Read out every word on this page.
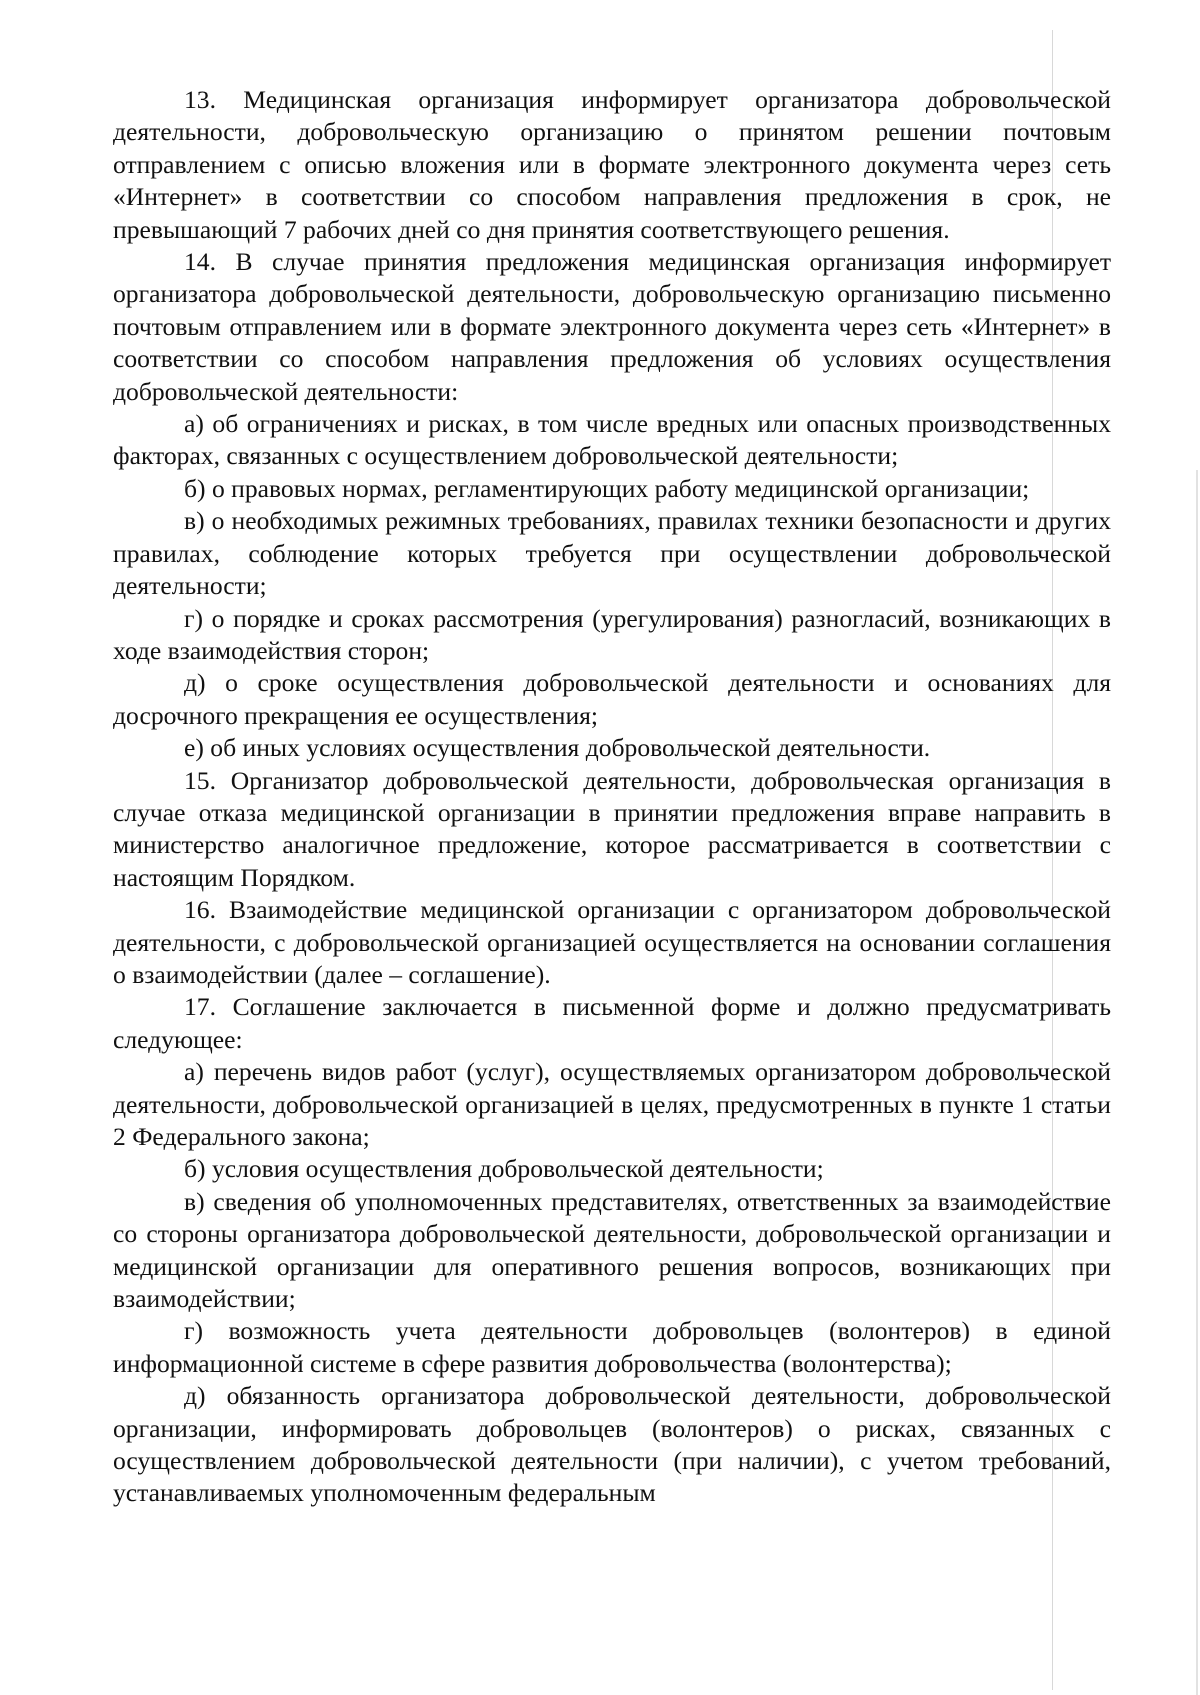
13. Медицинская организация информирует организатора добровольческой деятельности, добровольческую организацию о принятом решении почтовым отправлением с описью вложения или в формате электронного документа через сеть «Интернет» в соответствии со способом направления предложения в срок, не превышающий 7 рабочих дней со дня принятия соответствующего решения.

14. В случае принятия предложения медицинская организация информирует организатора добровольческой деятельности, добровольческую организацию письменно почтовым отправлением или в формате электронного документа через сеть «Интернет» в соответствии со способом направления предложения об условиях осуществления добровольческой деятельности:

а) об ограничениях и рисках, в том числе вредных или опасных производственных факторах, связанных с осуществлением добровольческой деятельности;

б) о правовых нормах, регламентирующих работу медицинской организации;

в) о необходимых режимных требованиях, правилах техники безопасности и других правилах, соблюдение которых требуется при осуществлении добровольческой деятельности;

г) о порядке и сроках рассмотрения (урегулирования) разногласий, возникающих в ходе взаимодействия сторон;

д) о сроке осуществления добровольческой деятельности и основаниях для досрочного прекращения ее осуществления;

е) об иных условиях осуществления добровольческой деятельности.

15. Организатор добровольческой деятельности, добровольческая организация в случае отказа медицинской организации в принятии предложения вправе направить в министерство аналогичное предложение, которое рассматривается в соответствии с настоящим Порядком.

16. Взаимодействие медицинской организации с организатором добровольческой деятельности, с добровольческой организацией осуществляется на основании соглашения о взаимодействии (далее – соглашение).

17. Соглашение заключается в письменной форме и должно предусматривать следующее:

а) перечень видов работ (услуг), осуществляемых организатором добровольческой деятельности, добровольческой организацией в целях, предусмотренных в пункте 1 статьи 2 Федерального закона;

б) условия осуществления добровольческой деятельности;

в) сведения об уполномоченных представителях, ответственных за взаимодействие со стороны организатора добровольческой деятельности, добровольческой организации и медицинской организации для оперативного решения вопросов, возникающих при взаимодействии;

г) возможность учета деятельности добровольцев (волонтеров) в единой информационной системе в сфере развития добровольчества (волонтерства);

д) обязанность организатора добровольческой деятельности, добровольческой организации, информировать добровольцев (волонтеров) о рисках, связанных с осуществлением добровольческой деятельности (при наличии), с учетом требований, устанавливаемых уполномоченным федеральным
